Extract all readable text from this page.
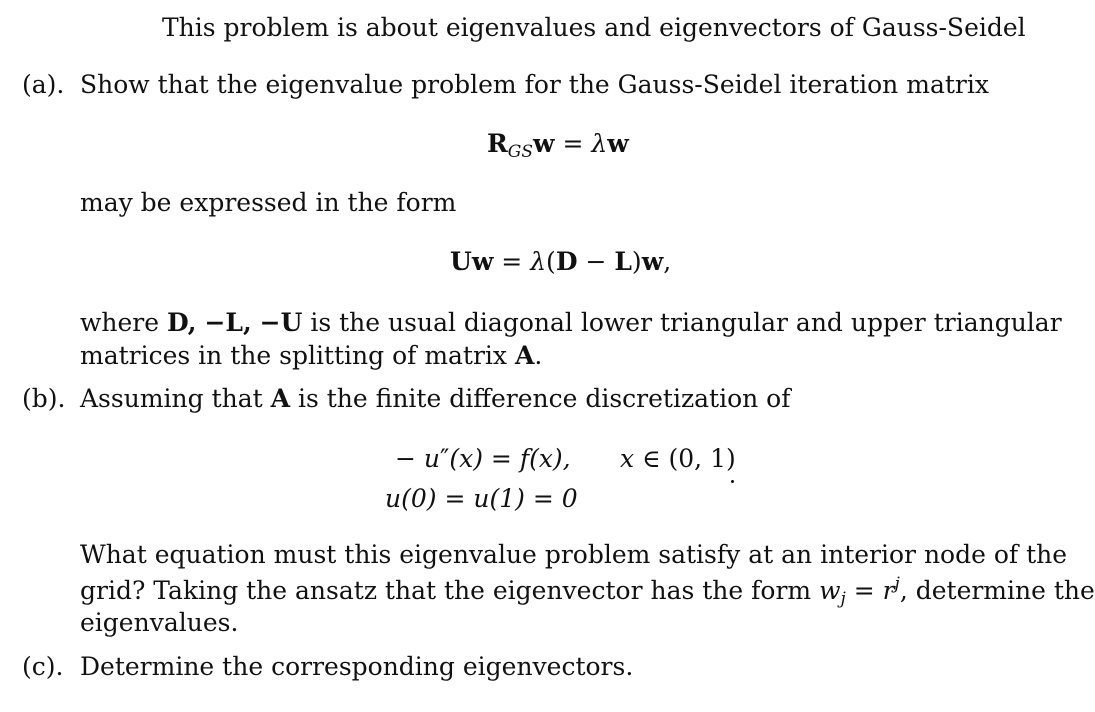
This problem is about eigenvalues and eigenvectors of Gauss-Seidel
(a). Show that the eigenvalue problem for the Gauss-Seidel iteration matrix
$R_{GS}w = \lambda w$
may be expressed in the form
Uw = λ(D − L)w,
where D, −L, −U is the usual diagonal lower triangular and upper triangular
matrices in the splitting of matrix A.
(b). Assuming that A is the finite difference discretization of
− u″(x) = f(x), x ∈ (0, 1)
u(0) = u(1) = 0
What equation must this eigenvalue problem satisfy at an interior node of the
grid? Taking the ansatz that the eigenvector has the form $w_j = r^j$, determine the
eigenvalues.
(c). Determine the corresponding eigenvectors.
